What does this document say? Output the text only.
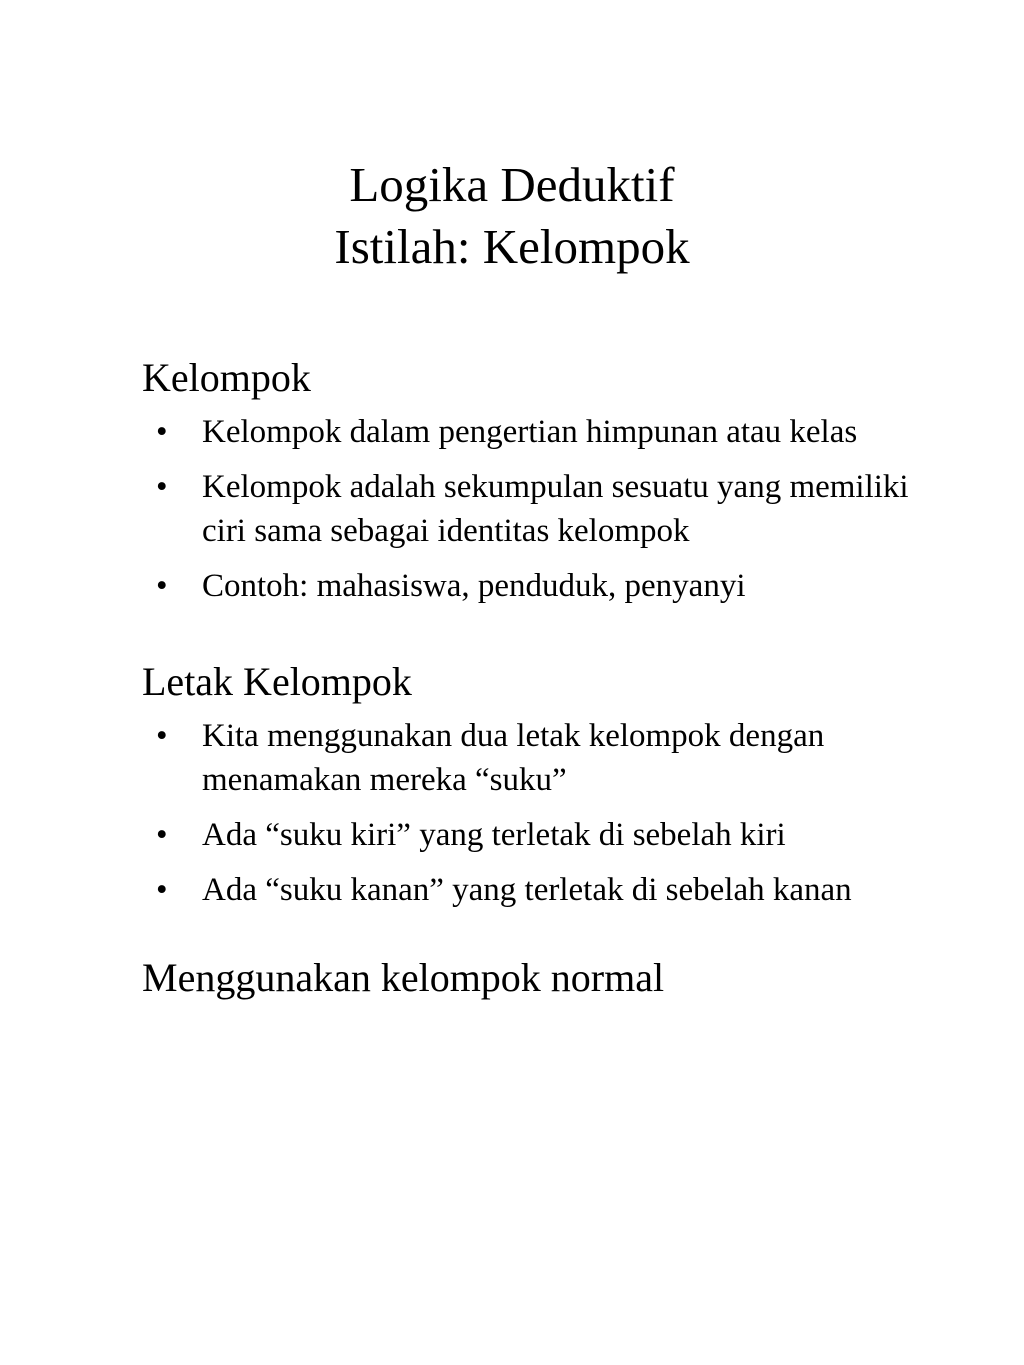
Logika Deduktif
Istilah: Kelompok
Kelompok
• Kelompok dalam pengertian himpunan atau kelas
• Kelompok adalah sekumpulan sesuatu yang memiliki ciri sama sebagai identitas kelompok
• Contoh: mahasiswa, penduduk, penyanyi
Letak Kelompok
• Kita menggunakan dua letak kelompok dengan menamakan mereka “suku”
• Ada “suku kiri” yang terletak di sebelah kiri
• Ada “suku kanan” yang terletak di sebelah kanan
Menggunakan kelompok normal
